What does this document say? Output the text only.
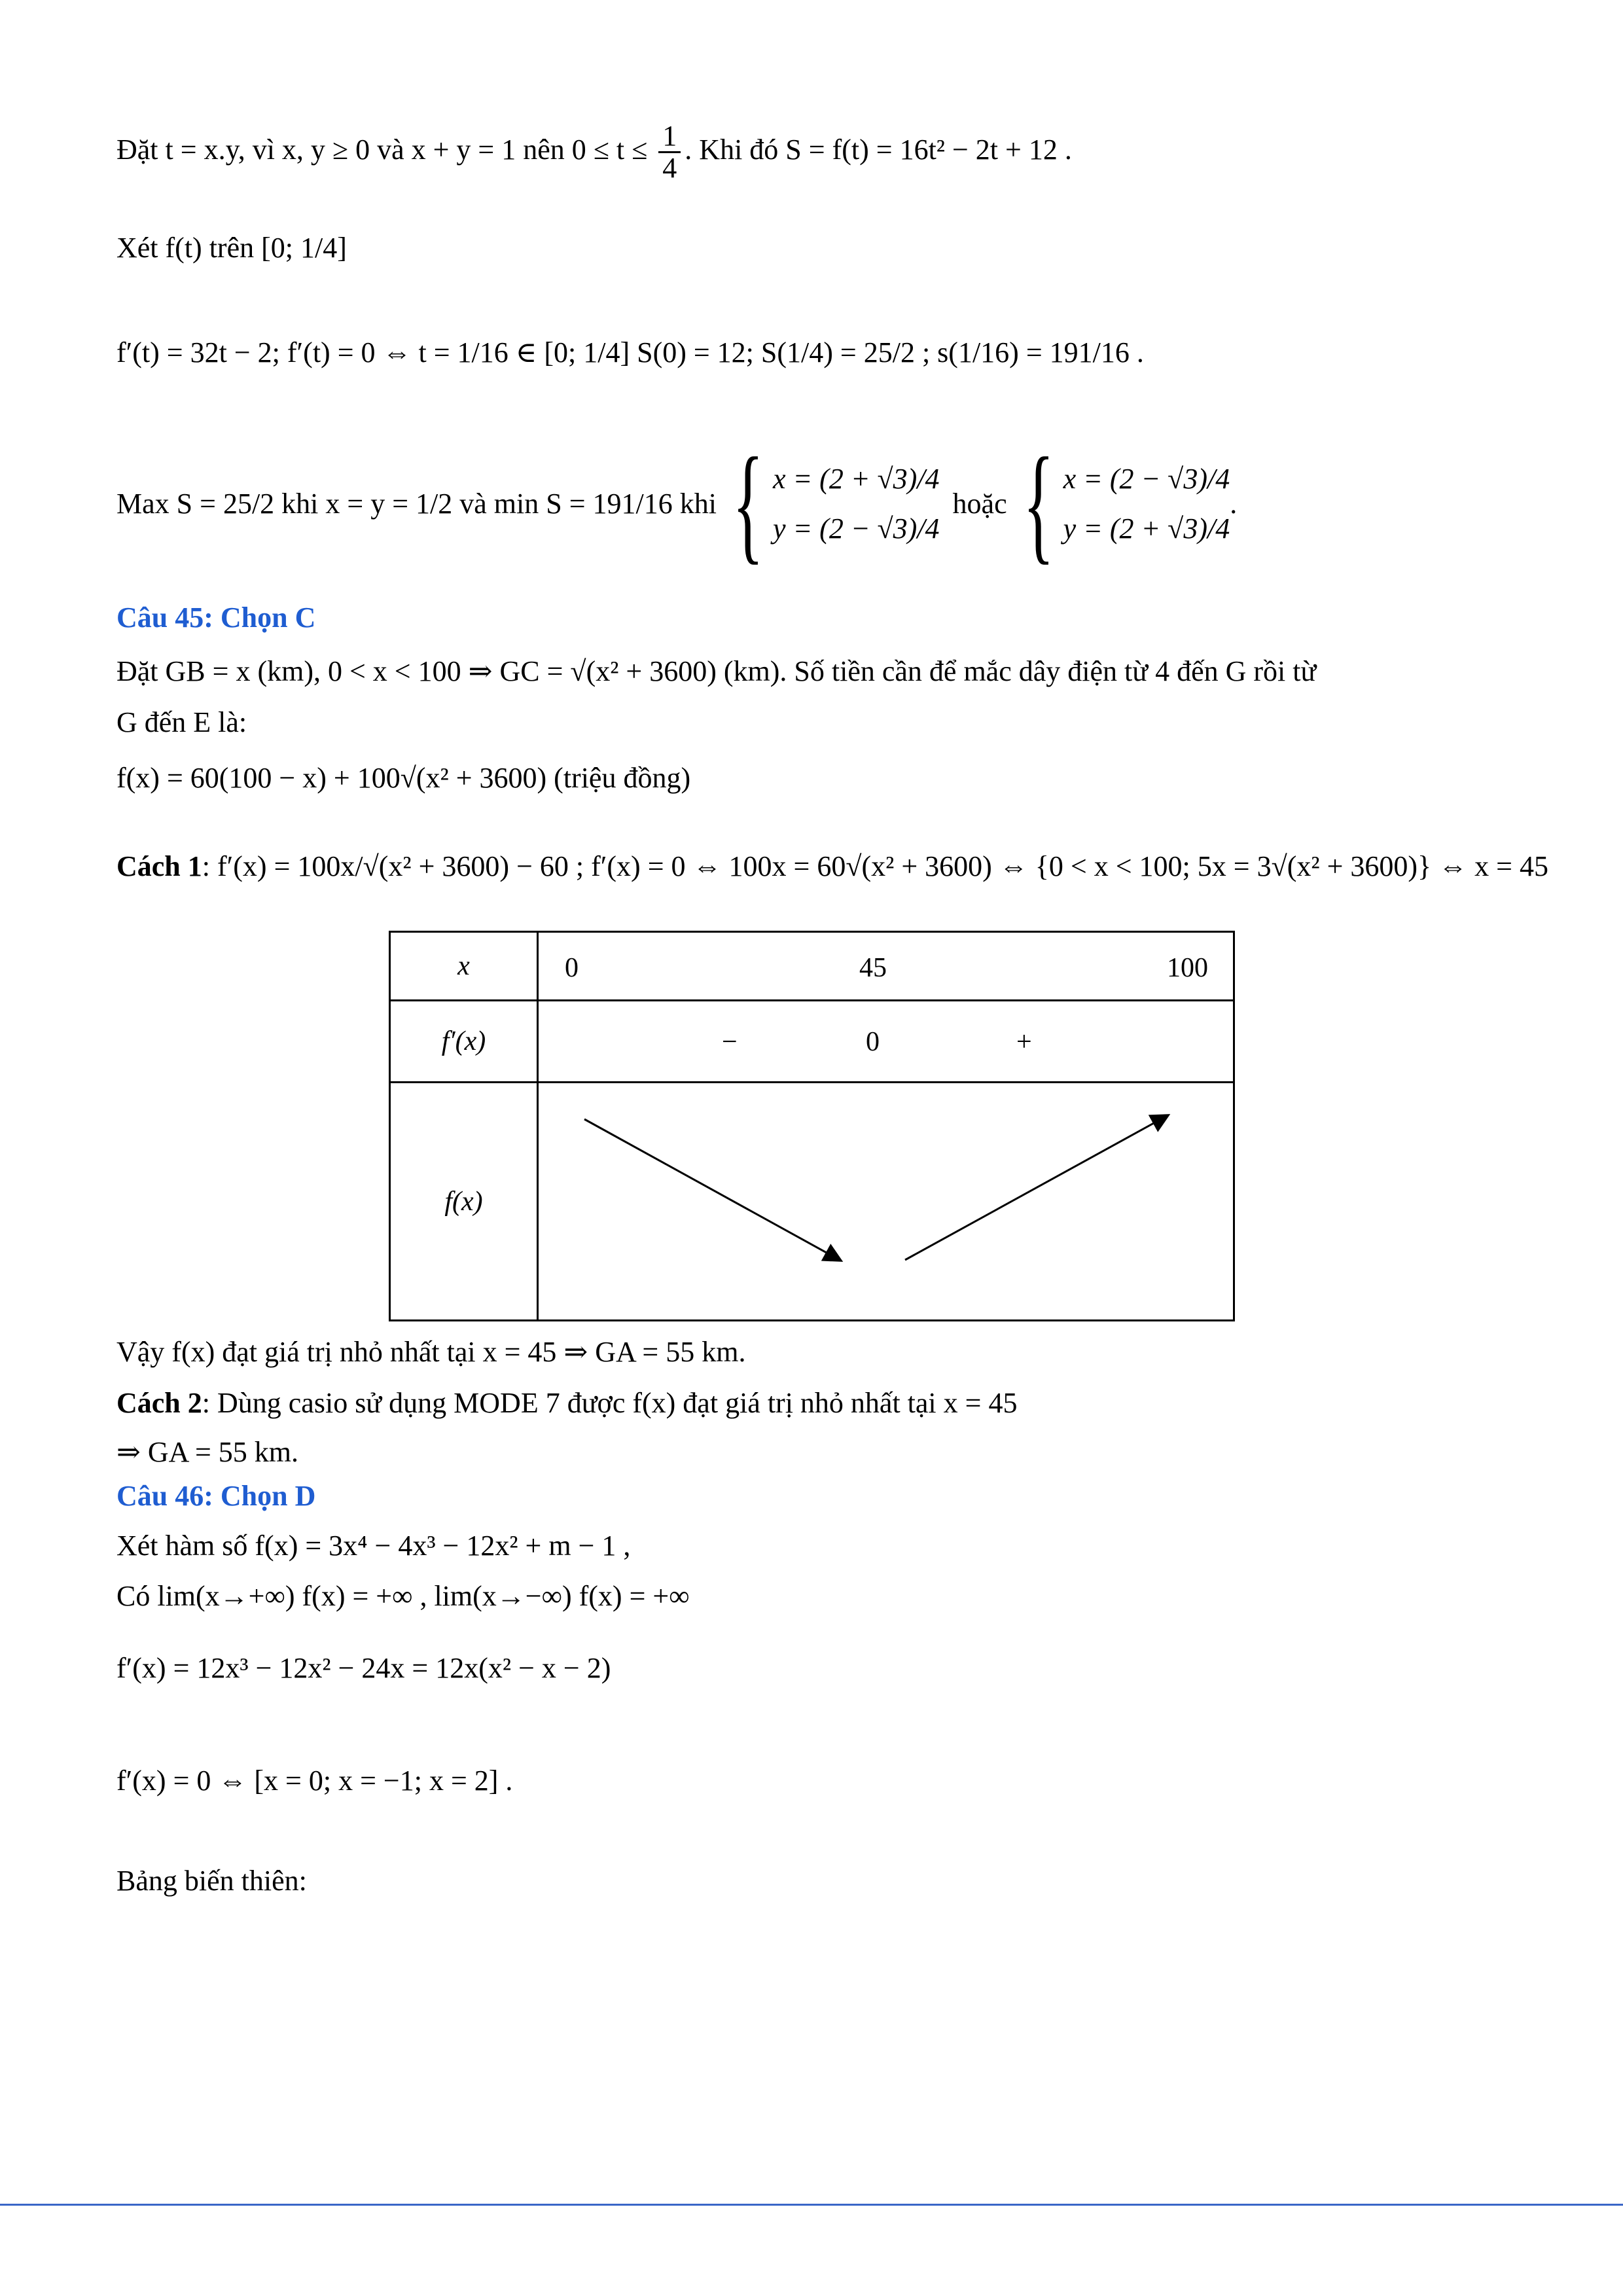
Đặt t = x.y, vì x, y ≥ 0 và x + y = 1 nên $0 \le t \le \frac{1}{4}$ . Khi đó S = f(t) = 16t² − 2t + 12 .
Xét f(t) trên [0; 1/4]
f′(t) = 32t − 2; f′(t) = 0 ⇔ t = 1/16 ∈ [0; 1/4] S(0) = 12; S(1/4) = 25/2 ; s(1/16) = 191/16 .
Max S = 25/2 khi x = y = 1/2 và min S = 191/16 khi { x = (2 + √3)/4
y = (2 − √3)/4
hoặc { x = (2 − √3)/4
y = (2 + √3)/4
.
Câu 45: Chọn C
Đặt GB = x (km), 0 < x < 100 ⇒ GC = √(x² + 3600) (km). Số tiền cần để mắc dây điện từ 4 đến G rồi từ
G đến E là:
f(x) = 60(100 − x) + 100√(x² + 3600) (triệu đồng)
Cách 1: f′(x) = 100x/√(x² + 3600) − 60 ; f′(x) = 0 ⇔ 100x = 60√(x² + 3600) ⇔ {0 < x < 100; 5x = 3√(x² + 3600)} ⇔ x = 45
x	0 45 100

f′(x)	− 0 +

f(x)	
Vậy f(x) đạt giá trị nhỏ nhất tại x = 45 ⇒ GA = 55 km.
Cách 2: Dùng casio sử dụng MODE 7 được f(x) đạt giá trị nhỏ nhất tại x = 45
⇒ GA = 55 km.
Câu 46: Chọn D
Xét hàm số f(x) = 3x⁴ − 4x³ − 12x² + m − 1 ,
Có lim(x→+∞) f(x) = +∞ , lim(x→−∞) f(x) = +∞
f′(x) = 12x³ − 12x² − 24x = 12x(x² − x − 2)
f′(x) = 0 ⇔ [x = 0; x = −1; x = 2] .
Bảng biến thiên:
